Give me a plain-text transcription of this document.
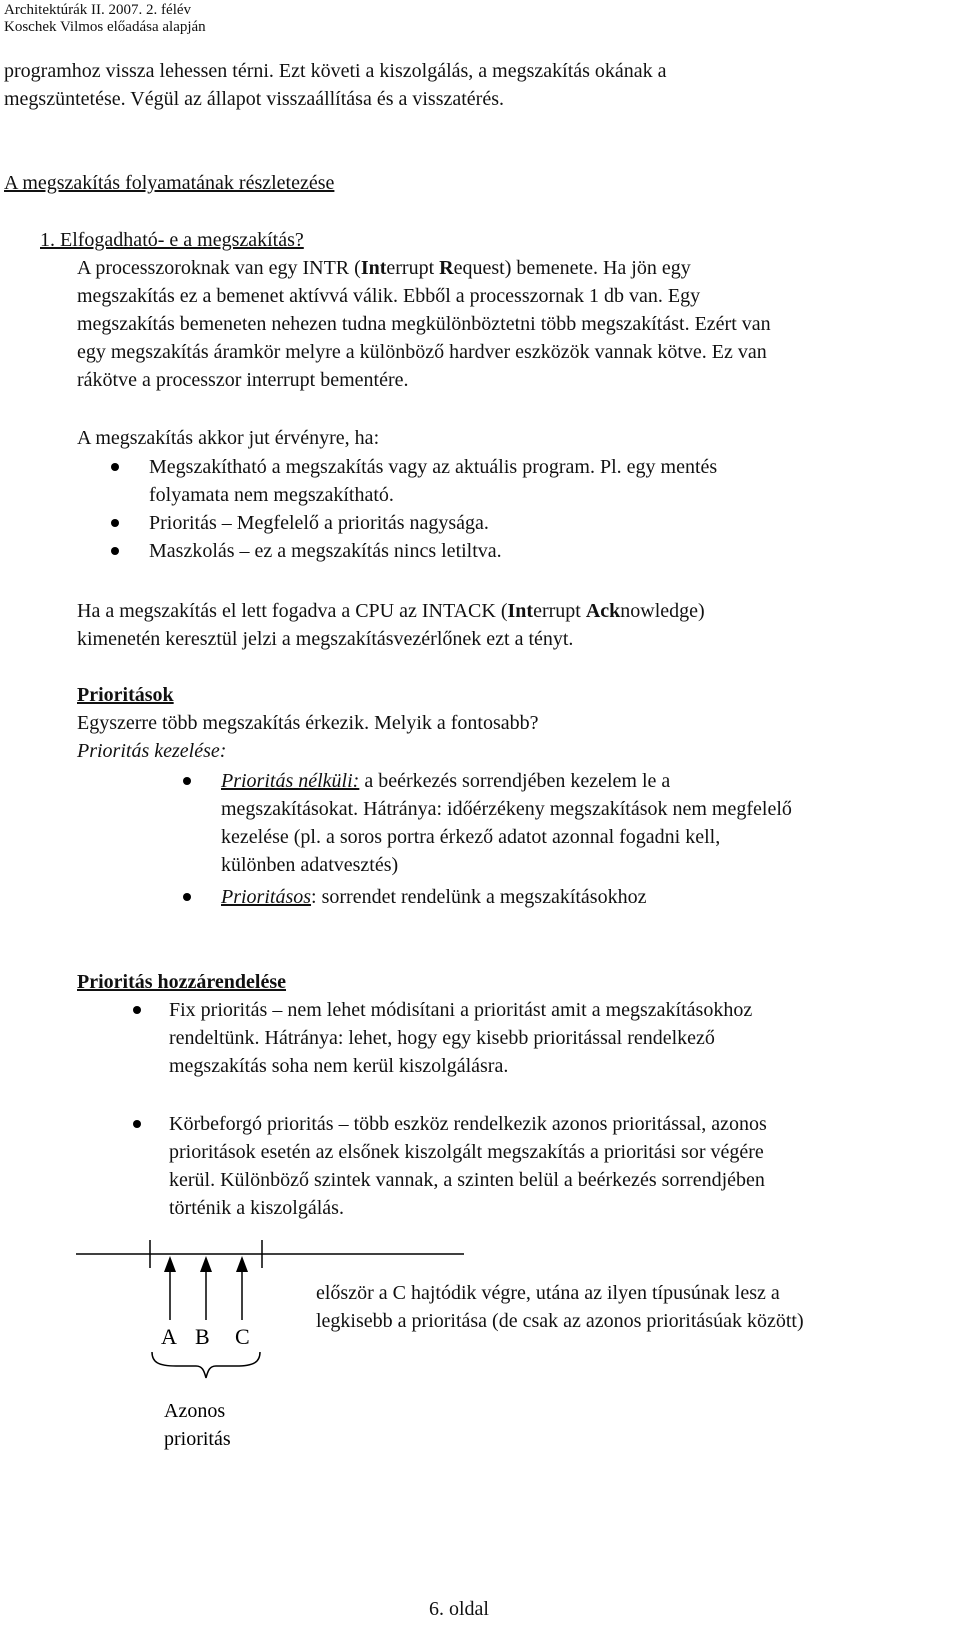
Architektúrák II. 2007. 2. félév
Koschek Vilmos előadása alapján
programhoz vissza lehessen térni. Ezt követi a kiszolgálás, a megszakítás okának a
megszüntetése. Végül az állapot visszaállítása és a visszatérés.
A megszakítás folyamatának részletezése
1. Elfogadható- e a megszakítás?
A processzoroknak van egy INTR (Interrupt Request) bemenete. Ha jön egy
megszakítás ez a bemenet aktívvá válik. Ebből a processzornak 1 db van. Egy
megszakítás bemeneten nehezen tudna megkülönböztetni több megszakítást. Ezért van
egy megszakítás áramkör melyre a különböző hardver eszközök vannak kötve. Ez van
rákötve a processzor interrupt bementére.
A megszakítás akkor jut érvényre, ha:
Megszakítható a megszakítás vagy az aktuális program. Pl. egy mentés
folyamata nem megszakítható.
Prioritás – Megfelelő a prioritás nagysága.
Maszkolás – ez a megszakítás nincs letiltva.
Ha a megszakítás el lett fogadva a CPU az INTACK (Interrupt Acknowledge)
kimenetén keresztül jelzi a megszakításvezérlőnek ezt a tényt.
Prioritások
Egyszerre több megszakítás érkezik. Melyik a fontosabb?
Prioritás kezelése:
Prioritás nélküli: a beérkezés sorrendjében kezelem le a
megszakításokat. Hátránya: időérzékeny megszakítások nem megfelelő
kezelése (pl. a soros portra érkező adatot azonnal fogadni kell,
különben adatvesztés)
Prioritásos: sorrendet rendelünk a megszakításokhoz
Prioritás hozzárendelése
Fix prioritás – nem lehet módisítani a prioritást amit a megszakításokhoz
rendeltünk. Hátránya: lehet, hogy egy kisebb prioritással rendelkező
megszakítás soha nem kerül kiszolgálásra.
Körbeforgó prioritás – több eszköz rendelkezik azonos prioritással, azonos
prioritások esetén az elsőnek kiszolgált megszakítás a prioritási sor végére
kerül. Különböző szintek vannak, a szinten belül a beérkezés sorrendjében
történik a kiszolgálás.
A B C
Azonos
prioritás
először a C hajtódik végre, utána az ilyen típusúnak lesz a
legkisebb a prioritása (de csak az azonos prioritásúak között)
6. oldal
